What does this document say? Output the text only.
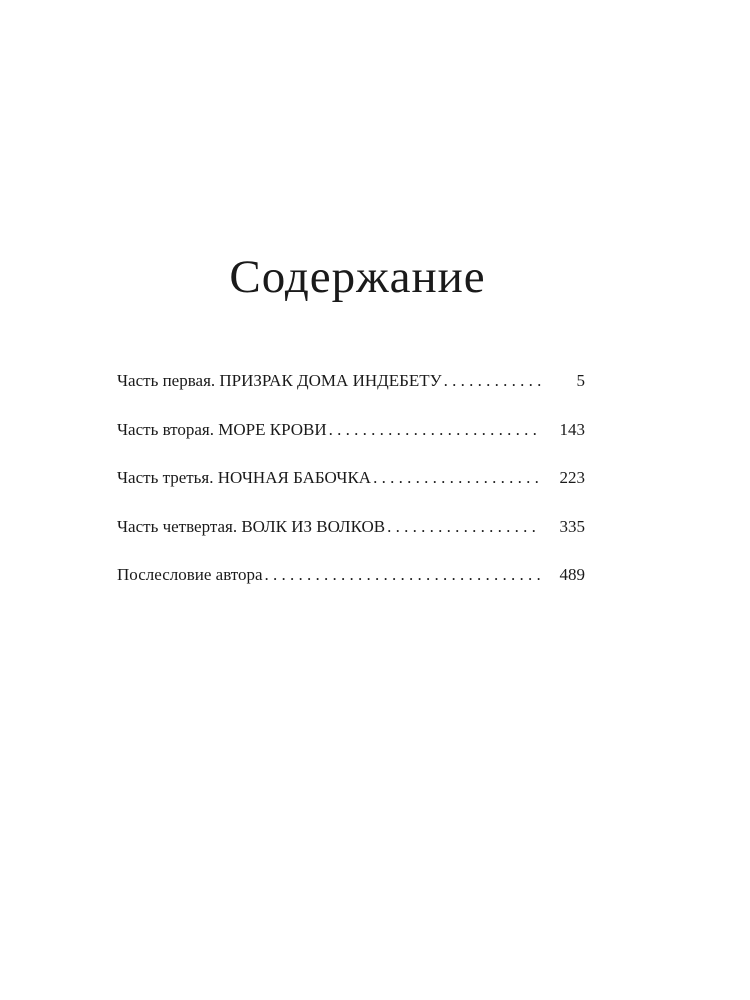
Содержание
Часть первая. ПРИЗРАК ДОМА ИНДЕБЕТУ . . .	5
Часть вторая. МОРЕ КРОВИ . . .	143
Часть третья. НОЧНАЯ БАБОЧКА . . .	223
Часть четвертая. ВОЛК ИЗ ВОЛКОВ . . .	335
Послесловие автора . . .	489
